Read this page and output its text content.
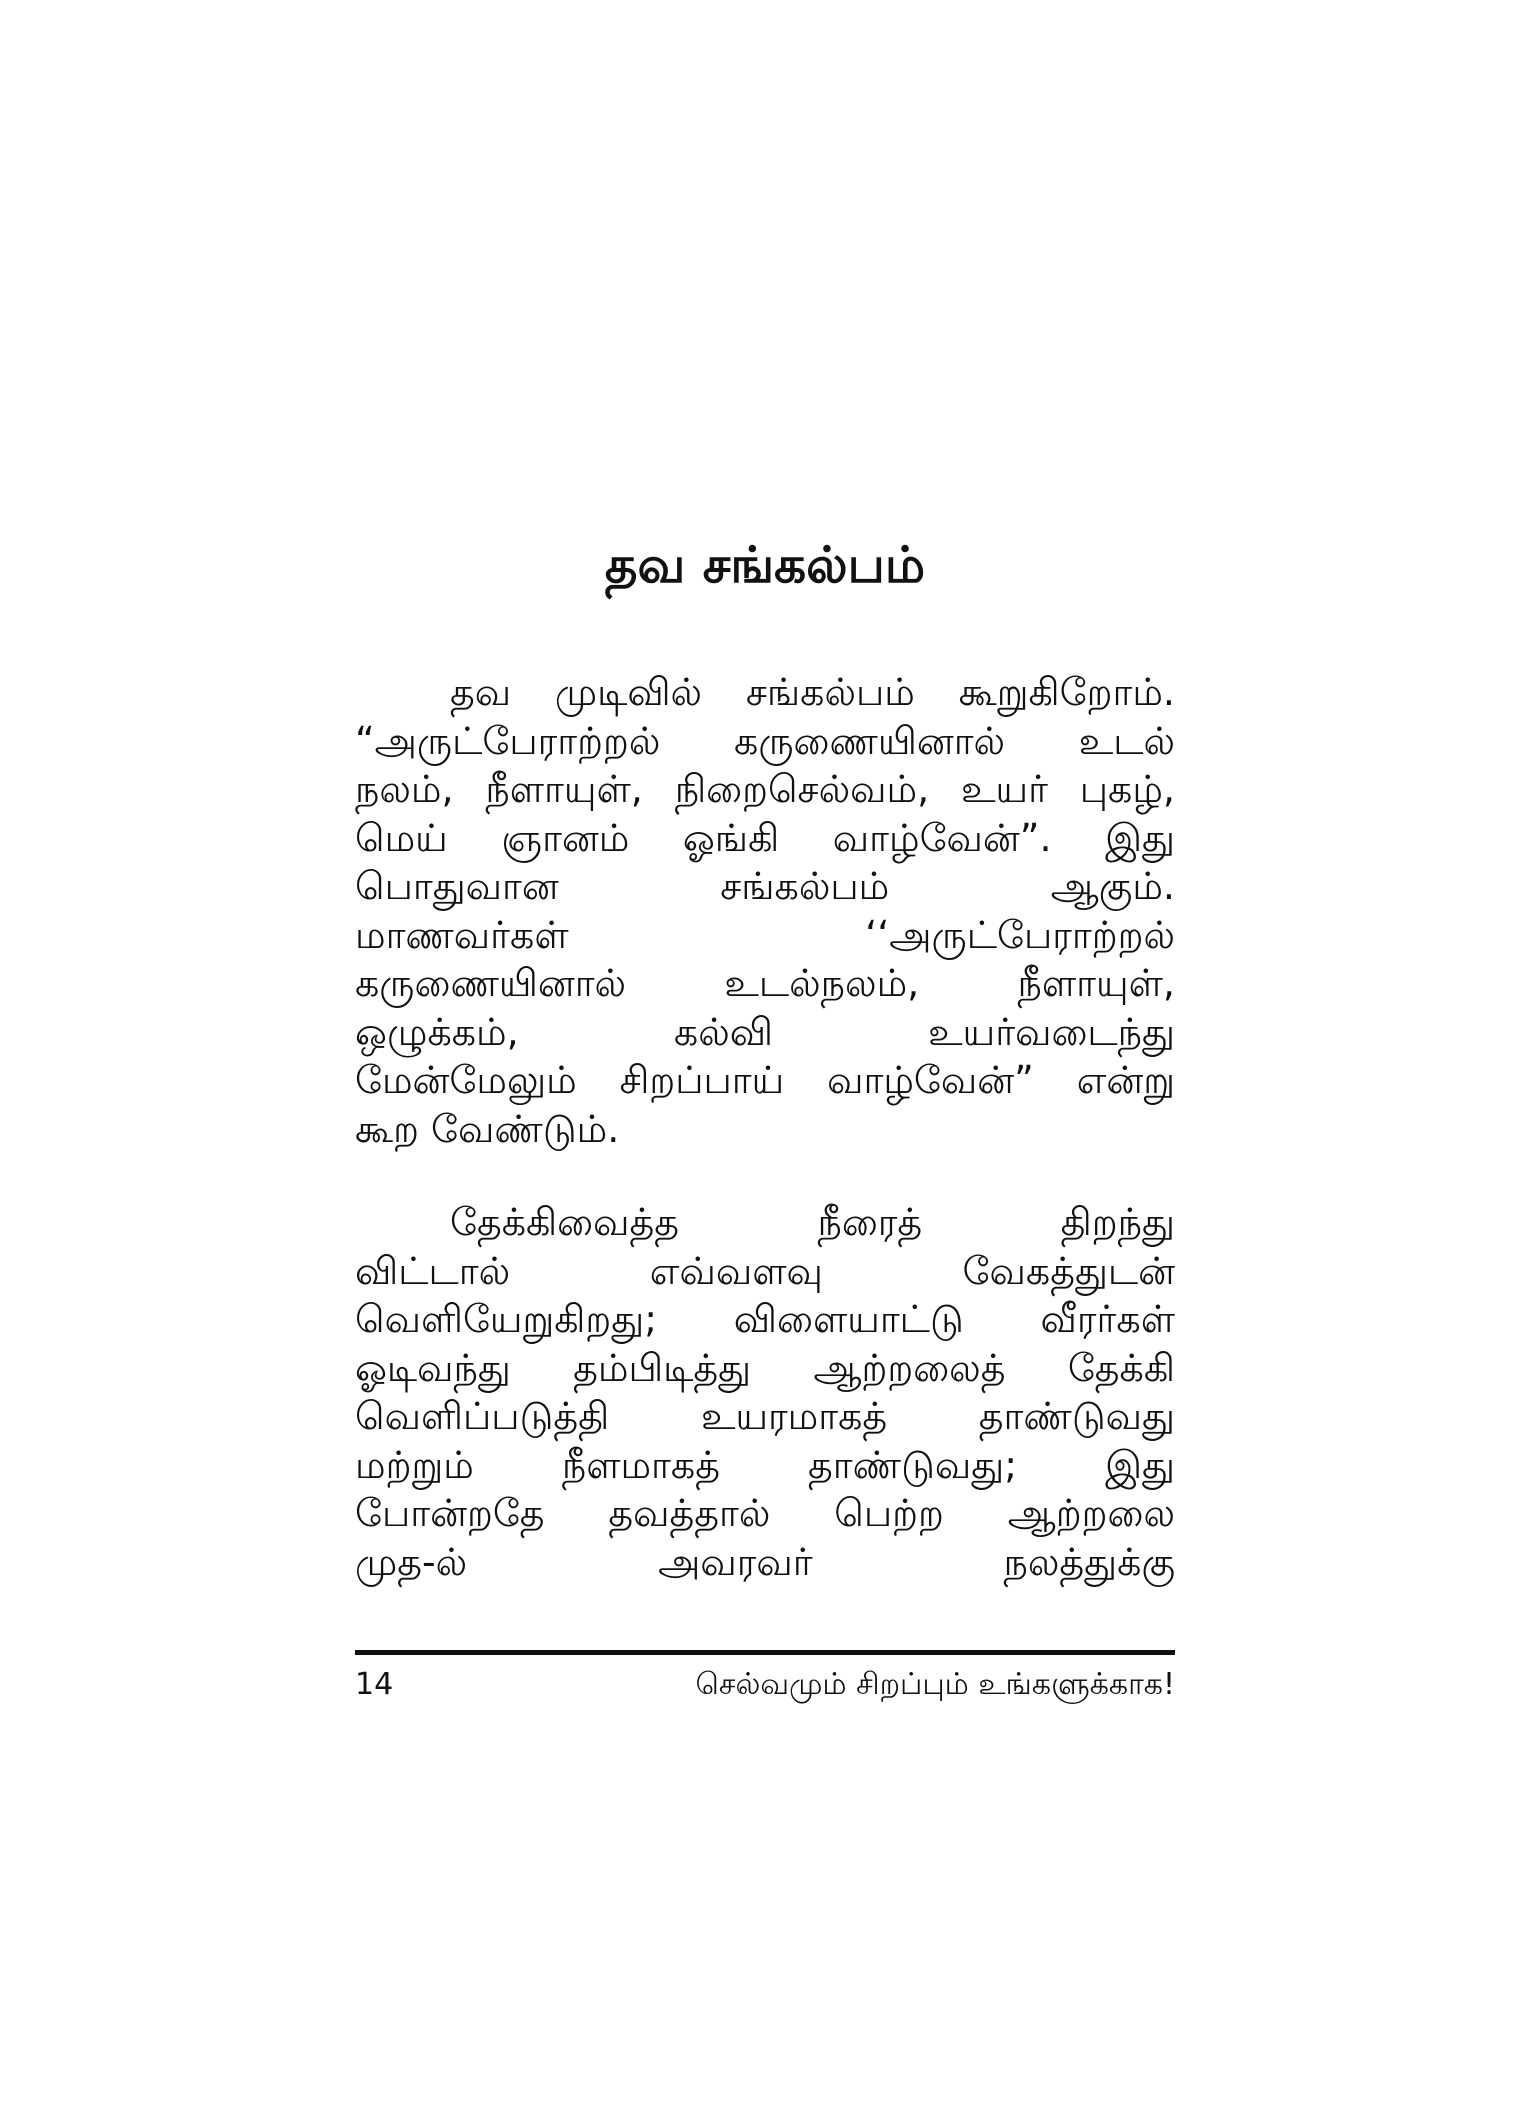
தவ சங்கல்பம்
தவ முடிவில் சங்கல்பம் கூறுகிறோம்.
“அருட்பேராற்றல் கருணையினால் உடல்
நலம், நீளாயுள், நிறைசெல்வம், உயர் புகழ்,
மெய் ஞானம் ஓங்கி வாழ்வேன்”. இது
பொதுவான சங்கல்பம் ஆகும்.
மாணவர்கள் ‘‘அருட்பேராற்றல்
கருணையினால் உடல்நலம், நீளாயுள்,
ஒழுக்கம், கல்வி உயர்வடைந்து
மேன்மேலும் சிறப்பாய் வாழ்வேன்” என்று
கூற வேண்டும்.
தேக்கிவைத்த நீரைத் திறந்து
விட்டால் எவ்வளவு வேகத்துடன்
வெளியேறுகிறது; விளையாட்டு வீரர்கள்
ஓடிவந்து தம்பிடித்து ஆற்றலைத் தேக்கி
வெளிப்படுத்தி உயரமாகத் தாண்டுவது
மற்றும் நீளமாகத் தாண்டுவது; இது
போன்றதே தவத்தால் பெற்ற ஆற்றலை
முத-ல் அவரவர் நலத்துக்கு
14	செல்வமும் சிறப்பும் உங்களுக்காக!
